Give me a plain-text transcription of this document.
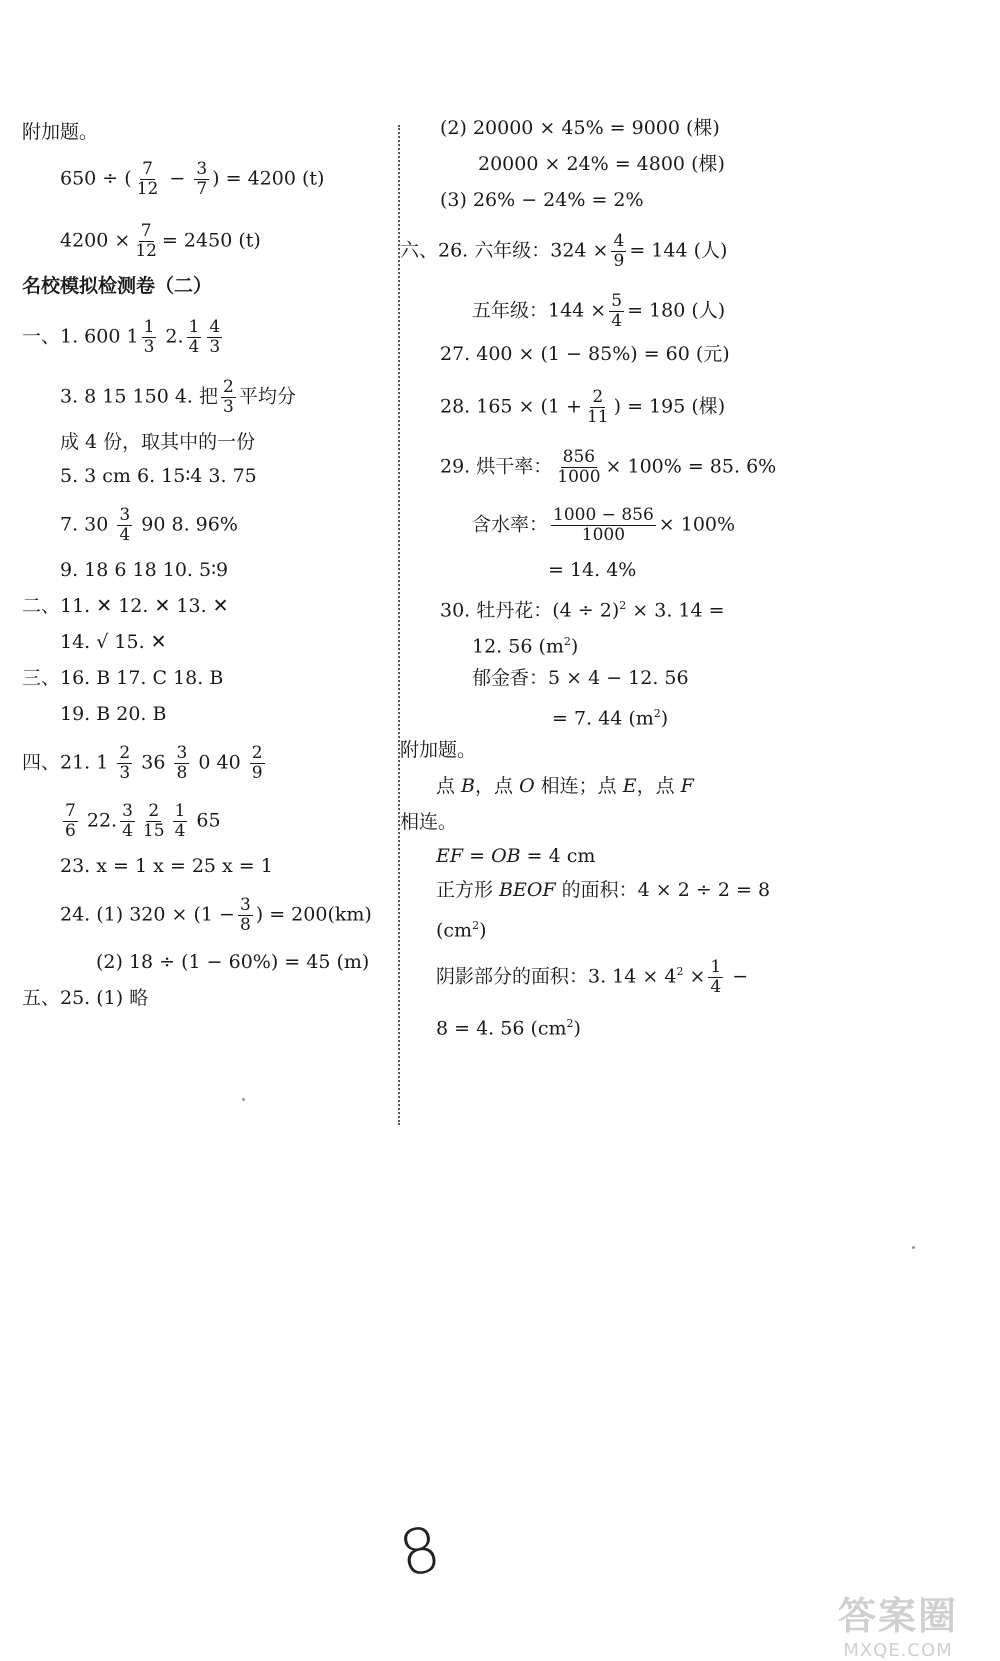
附加题。
650 ÷ ( $\frac{7}{12} - \frac{3}{7}$ ) = 4200 (t)
$4200 \times \frac{7}{12} = 2450$ (t)
名校模拟检测卷（二）
一、1. 600 $1 \frac{1}{3} 2$. $\frac{1}{4} \frac{4}{3}$
3. 8 15 150 4. 把 $\frac{2}{3}$ 平均分
成 4 份，取其中的一份
5. 3 cm 6. 15∶4 3. 75
7. $30 \frac{3}{4} 90$ 8. 96%
9. 18 6 18 10. 5∶9
二、11. ✕ 12. ✕ 13. ✕
14. √ 15. ✕
三、16. B 17. C 18. B
19. B 20. B
四、21. $1 \frac{2}{3} 36 \frac{3}{8} 0$ $40 \frac{2}{9}$
$\frac{7}{6} 22$. $\frac{3}{4} \frac{2}{15} \frac{1}{4} 65$
23. x = 1 x = 25 x = 1
24. (1) $320 \times (1 - \frac{3}{8}$ ) = 200(km)
(2) 18 ÷ (1 − 60%) = 45 (m)
五、25. (1) 略
(2) 20000 × 45% = 9000 (棵)
20000 × 24% = 4800 (棵)
(3) 26% − 24% = 2%
六、26. 六年级：$324 \times \frac{4}{9} = 144$ (人)
五年级：$144 \times \frac{5}{4} = 180$ (人)
27. 400 × (1 − 85%) = 60 (元)
28. $165 \times (1 + \frac{2}{11}$ ) = 195 (棵)
29. 烘干率： $\frac{856}{1000} \times 100\% = 85$. 6%
含水率： $\frac{1000 - 856}{1000} \times 100\%$
= 14. 4%
30. 牡丹花：$(4 \div 2)^2 \times 3$. 14 =
12. 56 $(m^2)$
郁金香：5 × 4 − 12. 56
= 7. 44 $(m^2)$
附加题。
点 B，点 O 相连；点 E，点 F
相连。
EF = OB = 4 cm
正方形 BEOF 的面积：4 × 2 ÷ 2 = 8
$(cm^2)$
阴影部分的面积：3. $14 \times 4^2 \times \frac{1}{4}$ −
8 = 4. 56 $(cm^2)$
8
答案圈
MXQE.COM
